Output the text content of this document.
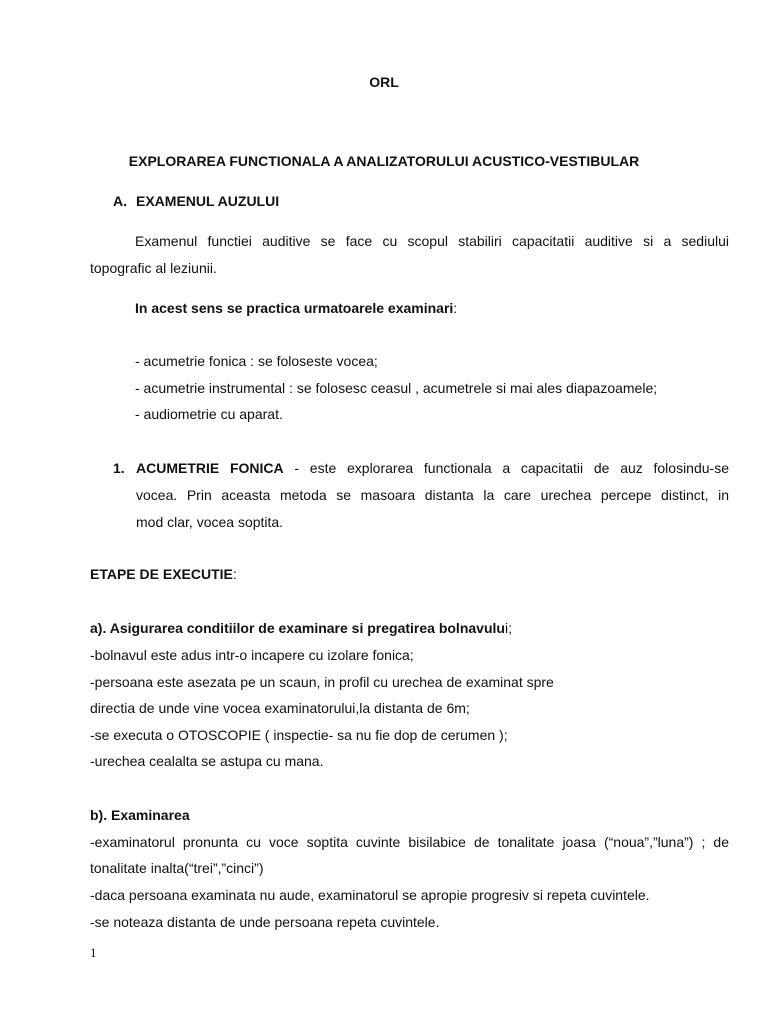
ORL
EXPLORAREA FUNCTIONALA A ANALIZATORULUI ACUSTICO-VESTIBULAR
A. EXAMENUL AUZULUI
Examenul functiei auditive se face cu scopul stabiliri capacitatii auditive si a sediului
topografic al leziunii.
In acest sens se practica urmatoarele examinari:
- acumetrie fonica : se foloseste vocea;
- acumetrie instrumental : se folosesc ceasul , acumetrele si mai ales diapazoamele;
- audiometrie cu aparat.
1. ACUMETRIE FONICA - este explorarea functionala a capacitatii de auz folosindu-se
vocea. Prin aceasta metoda se masoara distanta la care urechea percepe distinct, in
mod clar, vocea soptita.
ETAPE DE EXECUTIE:
a). Asigurarea conditiilor de examinare si pregatirea bolnavului;
-bolnavul este adus intr-o incapere cu izolare fonica;
-persoana este asezata pe un scaun, in profil cu urechea de examinat spre
directia de unde vine vocea examinatorului,la distanta de 6m;
-se executa o OTOSCOPIE ( inspectie- sa nu fie dop de cerumen );
-urechea cealalta se astupa cu mana.
b). Examinarea
-examinatorul pronunta cu voce soptita cuvinte bisilabice de tonalitate joasa (“noua”,”luna”) ; de
tonalitate inalta(“trei”,”cinci”)
-daca persoana examinata nu aude, examinatorul se apropie progresiv si repeta cuvintele.
-se noteaza distanta de unde persoana repeta cuvintele.
1
